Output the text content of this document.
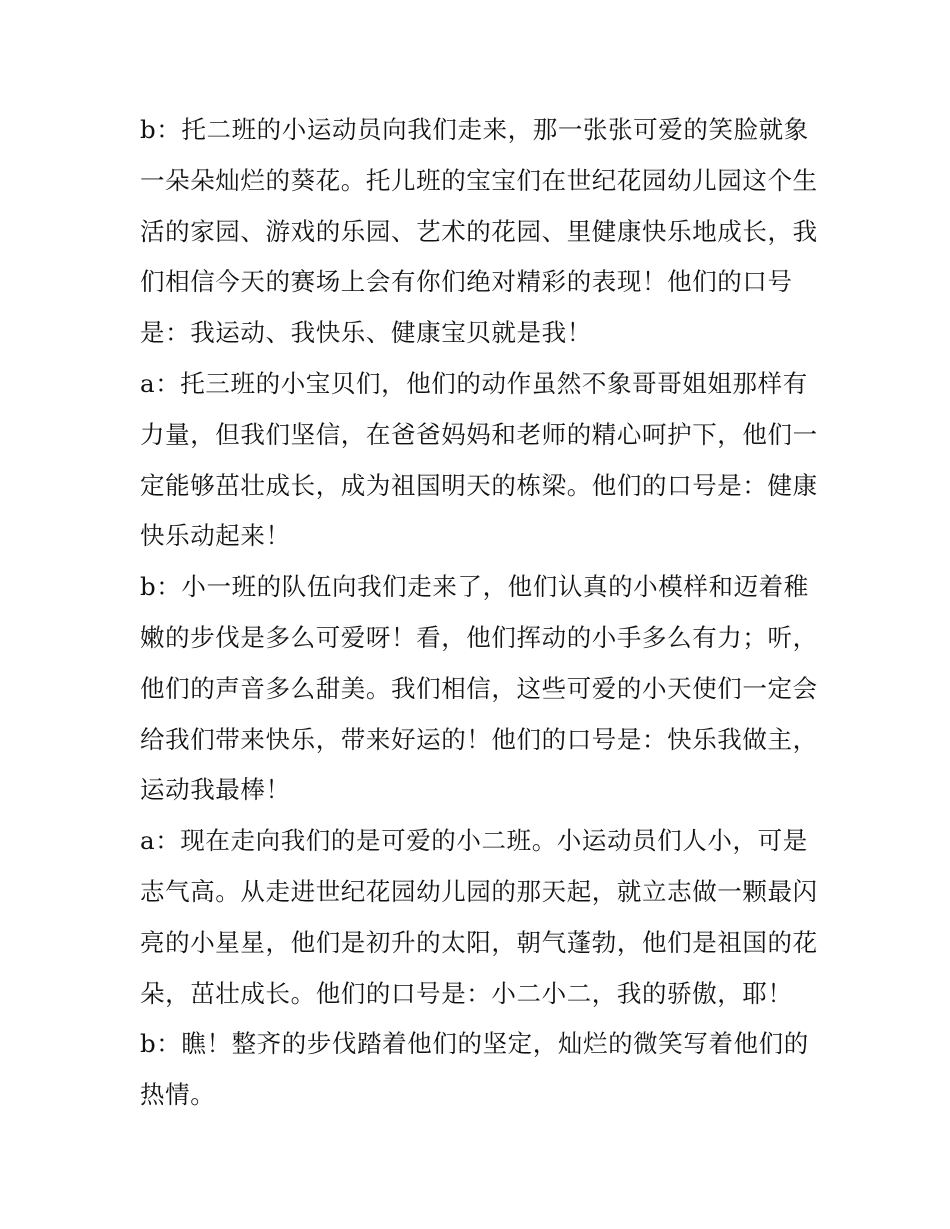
b：托二班的小运动员向我们走来，那一张张可爱的笑脸就象
一朵朵灿烂的葵花。托儿班的宝宝们在世纪花园幼儿园这个生
活的家园、游戏的乐园、艺术的花园、里健康快乐地成长，我
们相信今天的赛场上会有你们绝对精彩的表现！他们的口号
是：我运动、我快乐、健康宝贝就是我！
a：托三班的小宝贝们，他们的动作虽然不象哥哥姐姐那样有
力量，但我们坚信，在爸爸妈妈和老师的精心呵护下，他们一
定能够茁壮成长，成为祖国明天的栋梁。他们的口号是：健康
快乐动起来！
b：小一班的队伍向我们走来了，他们认真的小模样和迈着稚
嫩的步伐是多么可爱呀！看，他们挥动的小手多么有力；听，
他们的声音多么甜美。我们相信，这些可爱的小天使们一定会
给我们带来快乐，带来好运的！他们的口号是：快乐我做主，
运动我最棒！
a：现在走向我们的是可爱的小二班。小运动员们人小，可是
志气高。从走进世纪花园幼儿园的那天起，就立志做一颗最闪
亮的小星星，他们是初升的太阳，朝气蓬勃，他们是祖国的花
朵，茁壮成长。他们的口号是：小二小二，我的骄傲，耶！
b：瞧！整齐的步伐踏着他们的坚定，灿烂的微笑写着他们的
热情。
